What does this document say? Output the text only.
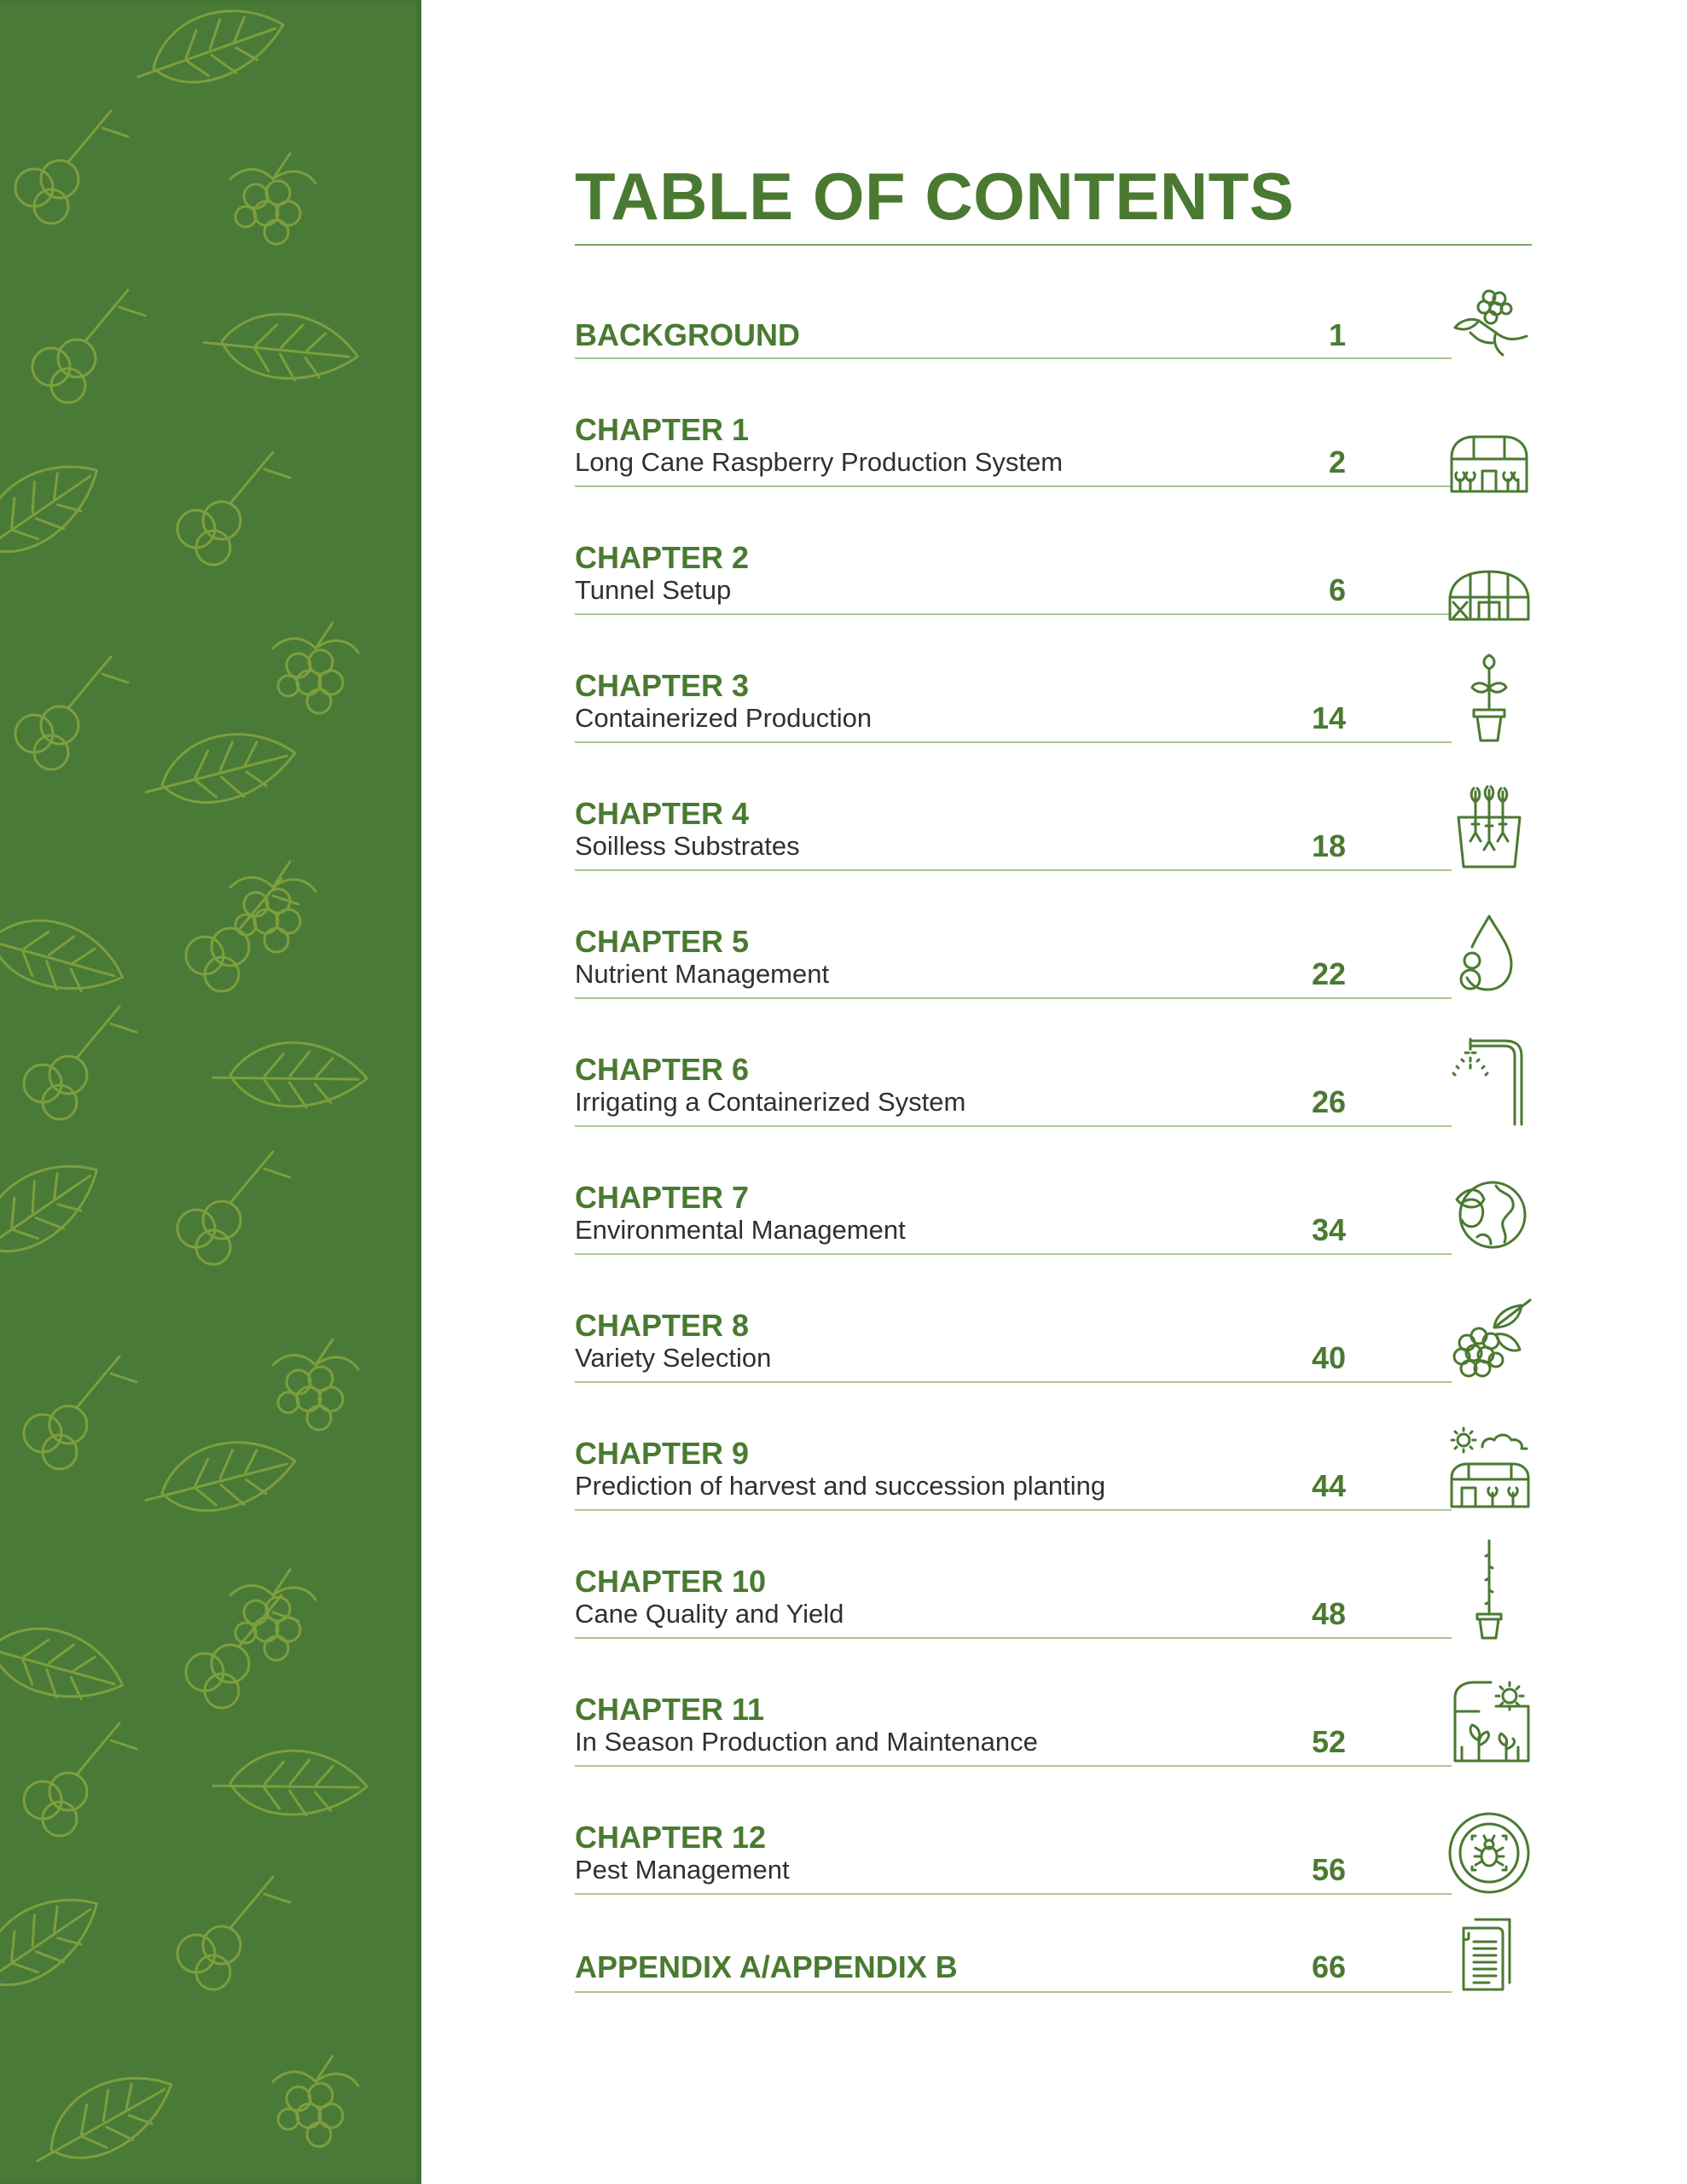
TABLE OF CONTENTS
BACKGROUND	1
CHAPTER 1
Long Cane Raspberry Production System	2
CHAPTER 2
Tunnel Setup	6
CHAPTER 3
Containerized Production	14
CHAPTER 4
Soilless Substrates	18
CHAPTER 5
Nutrient Management	22
CHAPTER 6
Irrigating a Containerized System	26
CHAPTER 7
Environmental Management	34
CHAPTER 8
Variety Selection	40
CHAPTER 9
Prediction of harvest and succession planting	44
CHAPTER 10
Cane Quality and Yield	48
CHAPTER 11
In Season Production and Maintenance	52
CHAPTER 12
Pest Management	56
APPENDIX A/APPENDIX B	66
